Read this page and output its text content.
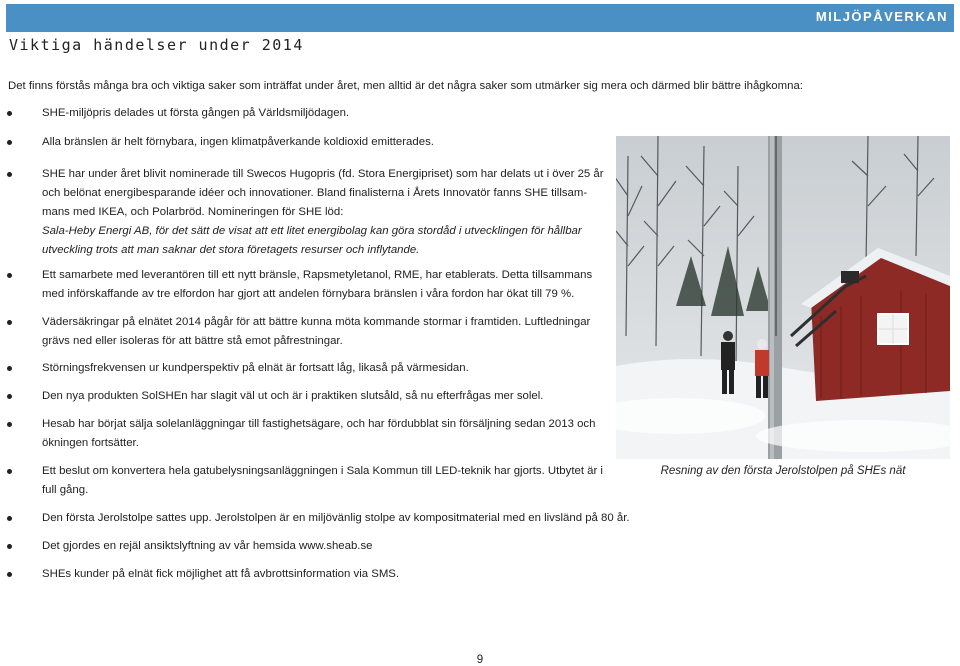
MILJÖPÅVERKAN
Viktiga händelser under 2014
Det finns förstås många bra och viktiga saker som inträffat under året, men alltid är det några saker som utmärker sig mera och därmed blir bättre ihågkomna:
SHE-miljöpris delades ut första gången på Världsmiljödagen.
Alla bränslen är helt förnybara, ingen klimatpåverkande koldioxid emitterades.
SHE har under året blivit nominerade till Swecos Hugopris (fd. Stora Energipriset) som har delats ut i över 25 år
och belönat energibesparande idéer och innovationer. Bland finalisterna i Årets Innovatör fanns SHE tillsam-
mans med IKEA, och Polarbröd. Nomineringen för SHE löd:
Sala-Heby Energi AB, för det sätt de visat att ett litet energibolag kan göra stordåd i utvecklingen för hållbar
utveckling trots att man saknar det stora företagets resurser och inflytande.
Ett samarbete med leverantören till ett nytt bränsle, Rapsmetyletanol, RME, har etablerats. Detta tillsammans
med införskaffande av tre elfordon har gjort att andelen förnybara bränslen i våra fordon har ökat till 79 %.
Vädersäkringar på elnätet 2014 pågår för att bättre kunna möta kommande stormar i framtiden. Luftledningar
grävs ned eller isoleras för att bättre stå emot påfrestningar.
Störningsfrekvensen ur kundperspektiv på elnät är fortsatt låg, likaså på värmesidan.
Den nya produkten SolSHEn har slagit väl ut och är i praktiken slutsåld, så nu efterfrågas mer solel.
Hesab har börjat sälja solelanläggningar till fastighetsägare, och har fördubblat sin försäljning sedan 2013 och
ökningen fortsätter.
Ett beslut om konvertera hela gatubelysningsanläggningen i Sala Kommun till LED-teknik har gjorts. Utbytet är i
full gång.
Den första Jerolstolpe sattes upp. Jerolstolpen är en miljövänlig stolpe av kompositmaterial med en livsländ på 80 år.
Det gjordes en rejäl ansiktslyftning av vår hemsida www.sheab.se
SHEs kunder på elnät fick möjlighet att få avbrottsinformation via SMS.
Resning av den första Jerolstolpen på SHEs nät
9
